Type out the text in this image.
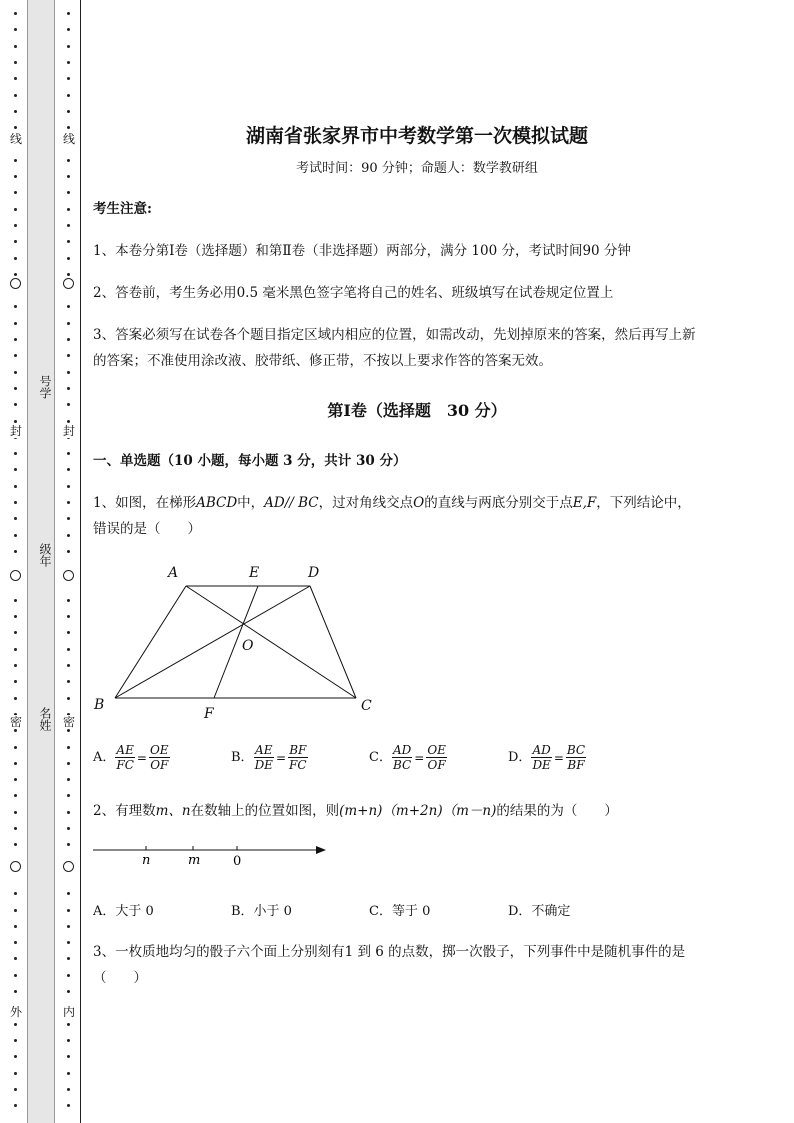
线
封
密
外
线
封
密
内
号学
级年
名姓
湖南省张家界市中考数学第一次模拟试题
考试时间：90 分钟；命题人：数学教研组
考生注意:
1、本卷分第Ⅰ卷（选择题）和第Ⅱ卷（非选择题）两部分，满分 100 分，考试时间90 分钟
2、答卷前，考生务必用0.5 毫米黑色签字笔将自己的姓名、班级填写在试卷规定位置上
3、答案必须写在试卷各个题目指定区域内相应的位置，如需改动，先划掉原来的答案，然后再写上新
的答案；不准使用涂改液、胶带纸、修正带，不按以上要求作答的答案无效。
第Ⅰ卷（选择题　30 分）
一、单选题（10 小题，每小题 3 分，共计 30 分）
1、如图，在梯形ABCD中，AD// BC，过对角线交点O的直线与两底分别交于点E,F，下列结论中，
错误的是（　　）
A	E	D
O
B
F	C
A． $\frac{AE}{FC} = \frac{OE}{OF}$	B． $\frac{AE}{DE} = \frac{BF}{FC}$	C． $\frac{AD}{BC} = \frac{OE}{OF}$	D． $\frac{AD}{DE} = \frac{BC}{BF}$
2、有理数m、n在数轴上的位置如图，则(m+n)（m+2n)（m－n)的结果的为（　　）
n	m	0
A．大于 0	B．小于 0	C．等于 0	D．不确定
3、一枚质地均匀的骰子六个面上分别刻有1 到 6 的点数，掷一次骰子，下列事件中是随机事件的是
（　　）
